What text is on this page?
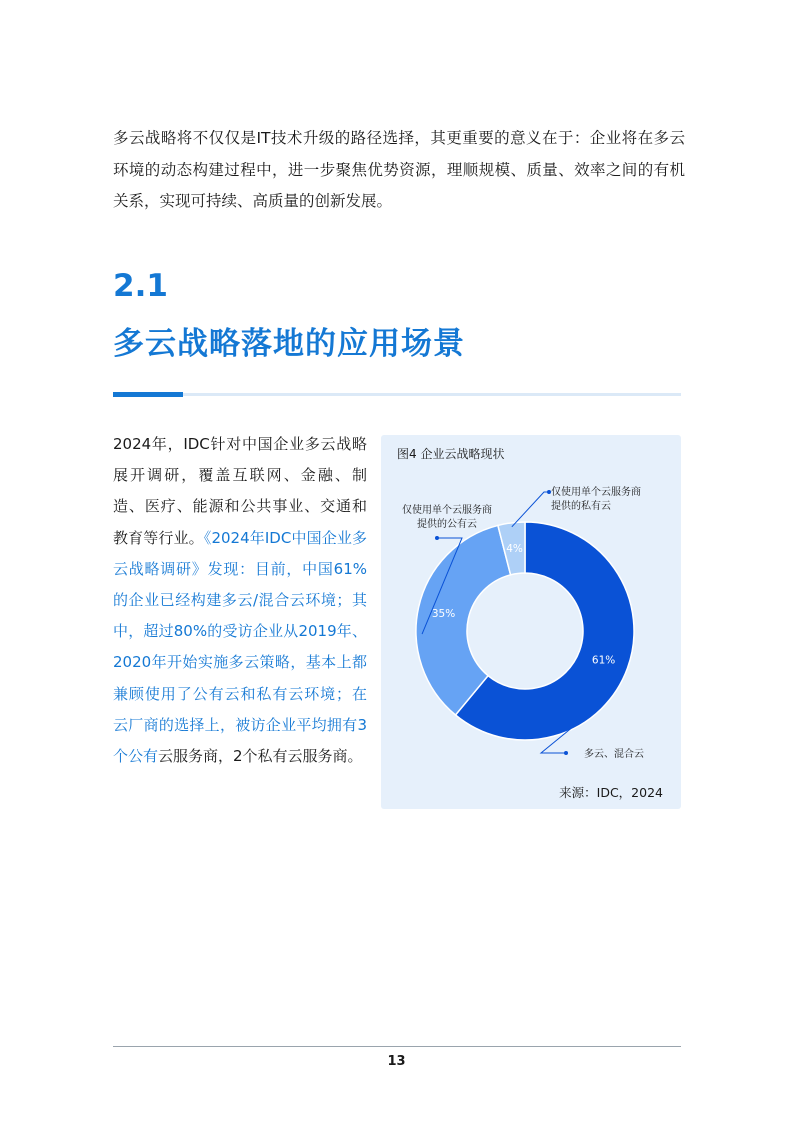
多云战略将不仅仅是IT技术升级的路径选择，其更重要的意义在于：企业将在多云环境的动态构建过程中，进一步聚焦优势资源，理顺规模、质量、效率之间的有机关系，实现可持续、高质量的创新发展。

2.1
多云战略落地的应用场景

2024年，IDC针对中国企业多云战略展开调研，覆盖互联网、金融、制造、医疗、能源和公共事业、交通和教育等行业。《2024年IDC中国企业多云战略调研》发现：目前，中国61%的企业已经构建多云/混合云环境；其中，超过80%的受访企业从2019年、2020年开始实施多云策略，基本上都兼顾使用了公有云和私有云环境；在云厂商的选择上，被访企业平均拥有3个公有云服务商，2个私有云服务商。

图4 企业云战略现状
61%
35%
4%
仅使用单个云服务商
提供的私有云
仅使用单个云服务商
提供的公有云
多云、混合云
来源：IDC，2024
13
